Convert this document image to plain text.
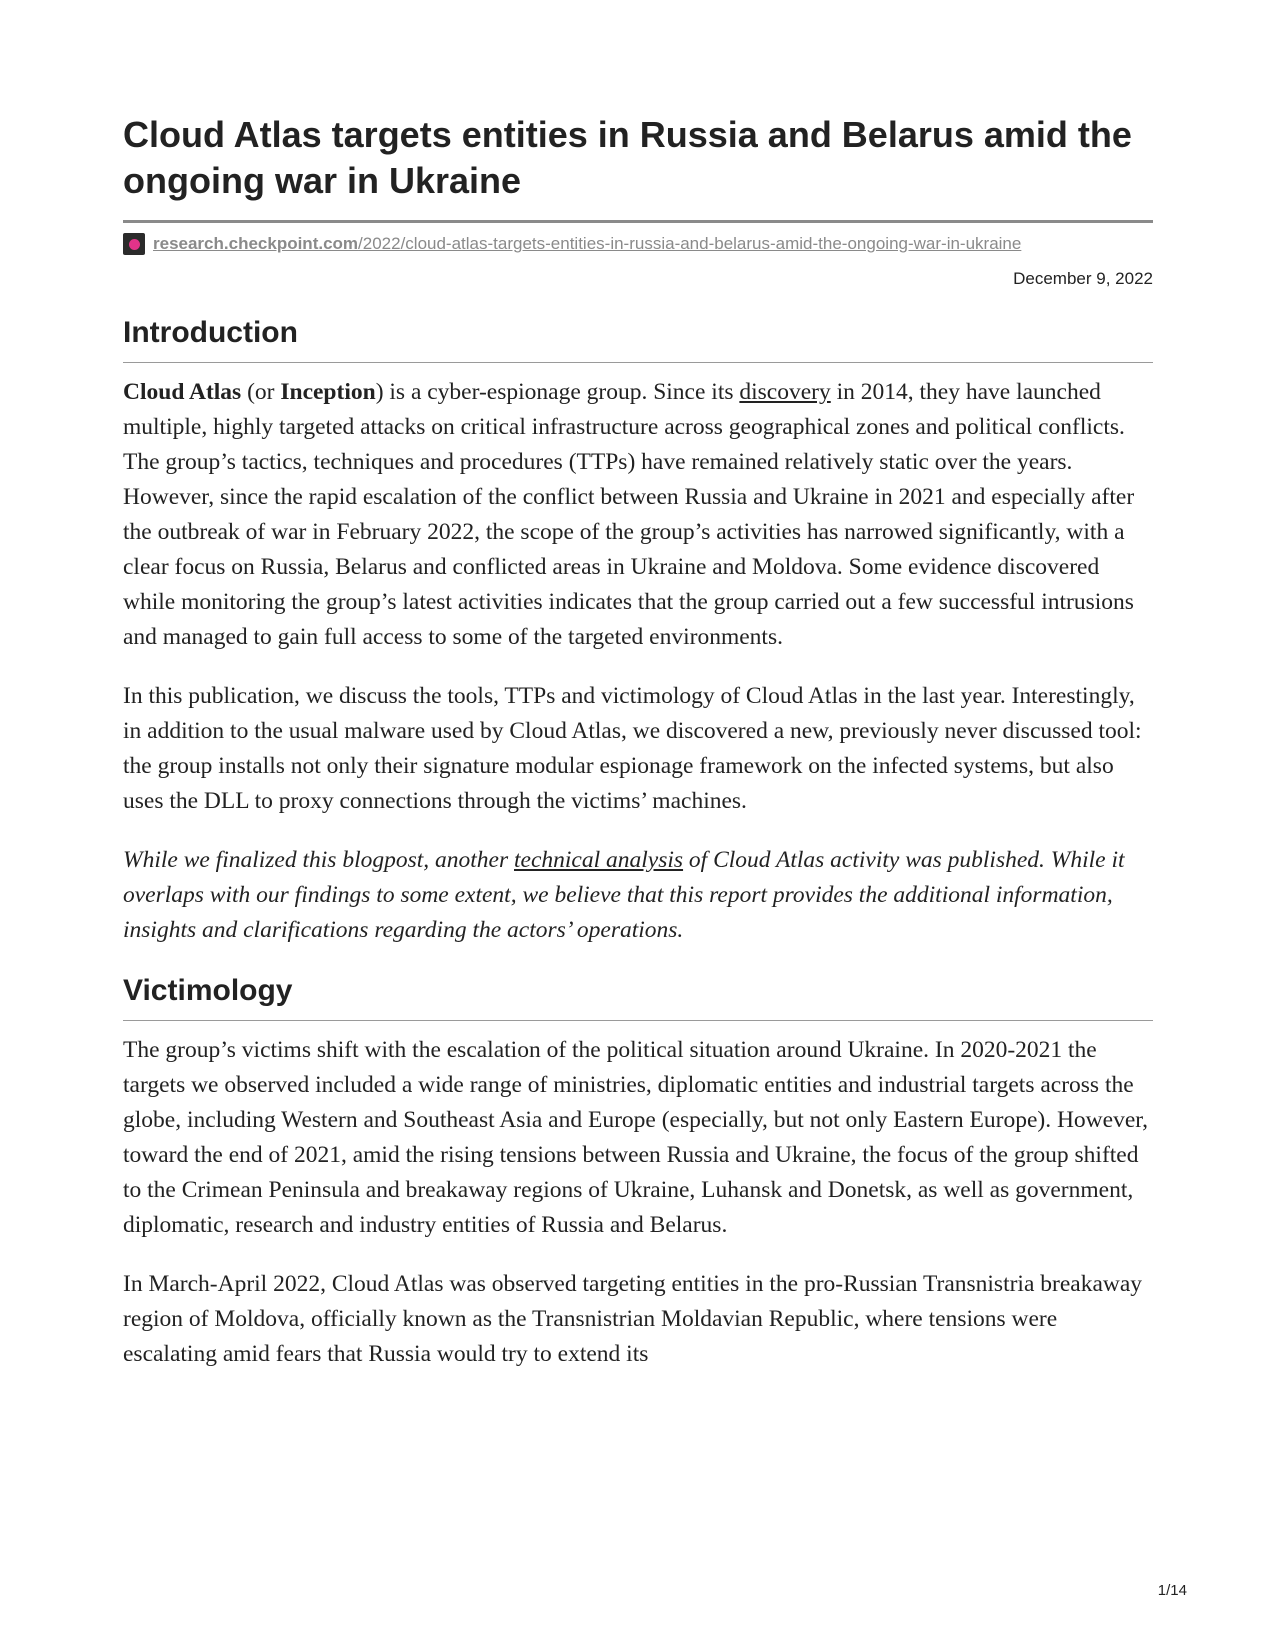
Cloud Atlas targets entities in Russia and Belarus amid the ongoing war in Ukraine
research.checkpoint.com/2022/cloud-atlas-targets-entities-in-russia-and-belarus-amid-the-ongoing-war-in-ukraine
December 9, 2022
Introduction

Cloud Atlas (or Inception) is a cyber-espionage group. Since its discovery in 2014, they have launched multiple, highly targeted attacks on critical infrastructure across geographical zones and political conflicts. The group’s tactics, techniques and procedures (TTPs) have remained relatively static over the years. However, since the rapid escalation of the conflict between Russia and Ukraine in 2021 and especially after the outbreak of war in February 2022, the scope of the group’s activities has narrowed significantly, with a clear focus on Russia, Belarus and conflicted areas in Ukraine and Moldova. Some evidence discovered while monitoring the group’s latest activities indicates that the group carried out a few successful intrusions and managed to gain full access to some of the targeted environments.

In this publication, we discuss the tools, TTPs and victimology of Cloud Atlas in the last year. Interestingly, in addition to the usual malware used by Cloud Atlas, we discovered a new, previously never discussed tool: the group installs not only their signature modular espionage framework on the infected systems, but also uses the DLL to proxy connections through the victims’ machines.

While we finalized this blogpost, another technical analysis of Cloud Atlas activity was published. While it overlaps with our findings to some extent, we believe that this report provides the additional information, insights and clarifications regarding the actors’ operations.

Victimology

The group’s victims shift with the escalation of the political situation around Ukraine. In 2020-2021 the targets we observed included a wide range of ministries, diplomatic entities and industrial targets across the globe, including Western and Southeast Asia and Europe (especially, but not only Eastern Europe). However, toward the end of 2021, amid the rising tensions between Russia and Ukraine, the focus of the group shifted to the Crimean Peninsula and breakaway regions of Ukraine, Luhansk and Donetsk, as well as government, diplomatic, research and industry entities of Russia and Belarus.

In March-April 2022, Cloud Atlas was observed targeting entities in the pro-Russian Transnistria breakaway region of Moldova, officially known as the Transnistrian Moldavian Republic, where tensions were escalating amid fears that Russia would try to extend its

1/14
